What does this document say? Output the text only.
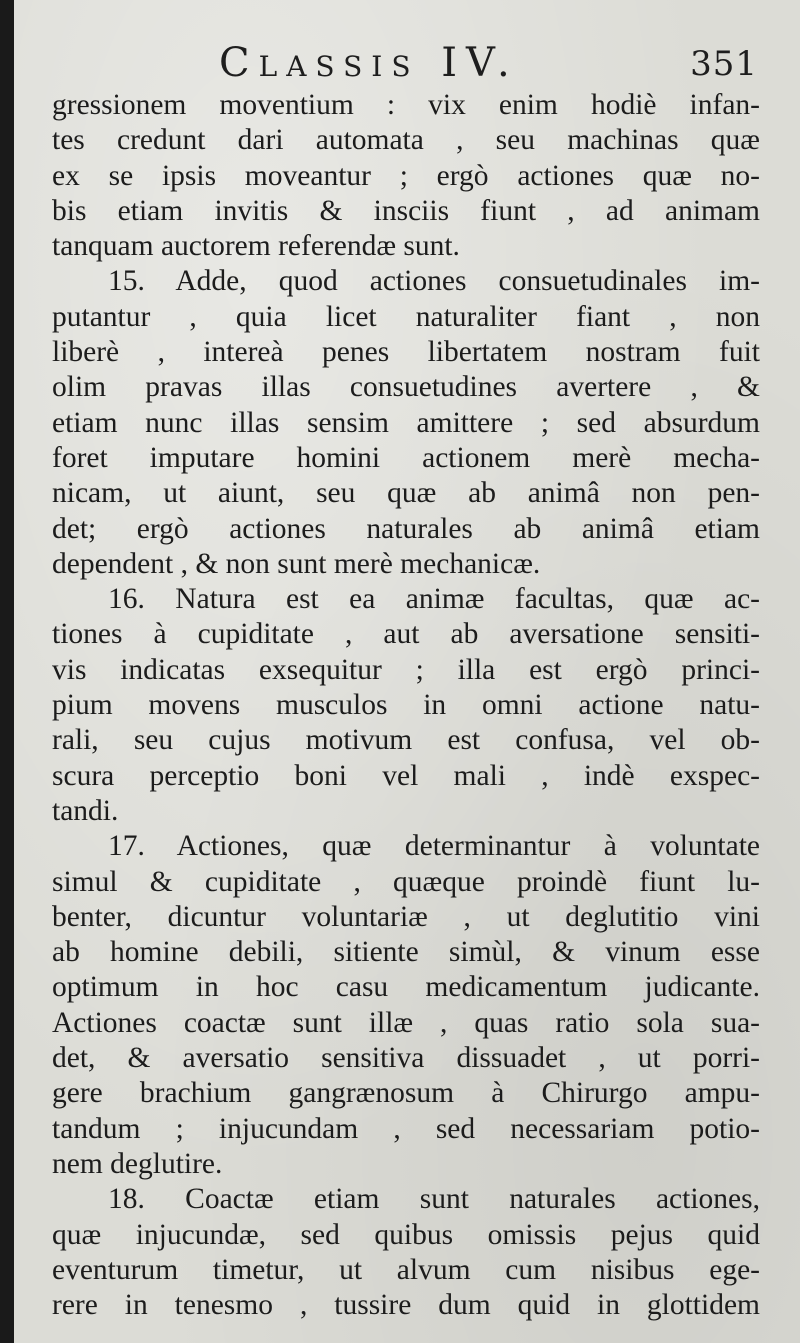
Classis IV.	351
gressionem moventium : vix enim hodiè infan-
tes credunt dari automata , seu machinas quæ
ex se ipsis moveantur ; ergò actiones quæ no-
bis etiam invitis & insciis fiunt , ad animam
tanquam auctorem referendæ sunt.
15. Adde, quod actiones consuetudinales im-
putantur , quia licet naturaliter fiant , non
liberè , intereà penes libertatem nostram fuit
olim pravas illas consuetudines avertere , &
etiam nunc illas sensim amittere ; sed absurdum
foret imputare homini actionem merè mecha-
nicam, ut aiunt, seu quæ ab animâ non pen-
det; ergò actiones naturales ab animâ etiam
dependent , & non sunt merè mechanicæ.
16. Natura est ea animæ facultas, quæ ac-
tiones à cupiditate , aut ab aversatione sensiti-
vis indicatas exsequitur ; illa est ergò princi-
pium movens musculos in omni actione natu-
rali, seu cujus motivum est confusa, vel ob-
scura perceptio boni vel mali , indè exspec-
tandi.
17. Actiones, quæ determinantur à voluntate
simul & cupiditate , quæque proindè fiunt lu-
benter, dicuntur voluntariæ , ut deglutitio vini
ab homine debili, sitiente simùl, & vinum esse
optimum in hoc casu medicamentum judicante.
Actiones coactæ sunt illæ , quas ratio sola sua-
det, & aversatio sensitiva dissuadet , ut porri-
gere brachium gangrænosum à Chirurgo ampu-
tandum ; injucundam , sed necessariam potio-
nem deglutire.
18. Coactæ etiam sunt naturales actiones,
quæ injucundæ, sed quibus omissis pejus quid
eventurum timetur, ut alvum cum nisibus ege-
rere in tenesmo , tussire dum quid in glottidem
